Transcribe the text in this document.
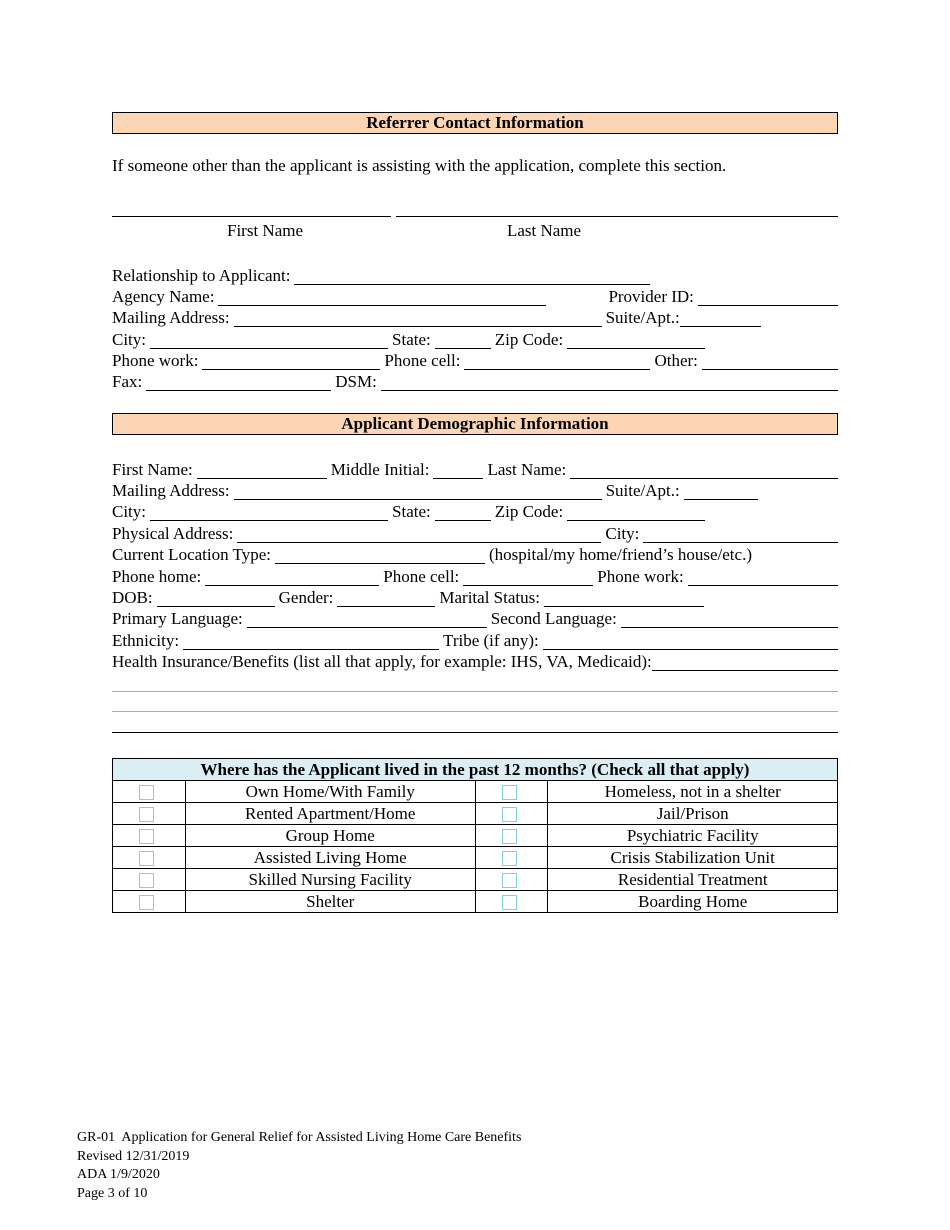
Referrer Contact Information
If someone other than the applicant is assisting with the application, complete this section.
First Name	Last Name
Relationship to Applicant:
Agency Name:	Provider ID:
Mailing Address:	Suite/Apt.:
City:	State:	Zip Code:
Phone work:	Phone cell:	Other:
Fax:	DSM:
Applicant Demographic Information
First Name:	Middle Initial:	Last Name:
Mailing Address:	Suite/Apt.:
City:	State:	Zip Code:
Physical Address:	City:
Current Location Type:	(hospital/my home/friend’s house/etc.)
Phone home:	Phone cell:	Phone work:
DOB:	Gender:	Marital Status:
Primary Language:	Second Language:
Ethnicity:	Tribe (if any):
Health Insurance/Benefits (list all that apply, for example: IHS, VA, Medicaid):
Where has the Applicant lived in the past 12 months? (Check all that apply)			
	Own Home/With Family		Homeless, not in a shelter
	Rented Apartment/Home		Jail/Prison
	Group Home		Psychiatric Facility
	Assisted Living Home		Crisis Stabilization Unit
	Skilled Nursing Facility		Residential Treatment
	Shelter		Boarding Home
GR-01  Application for General Relief for Assisted Living Home Care Benefits
Revised 12/31/2019
ADA 1/9/2020
Page 3 of 10
